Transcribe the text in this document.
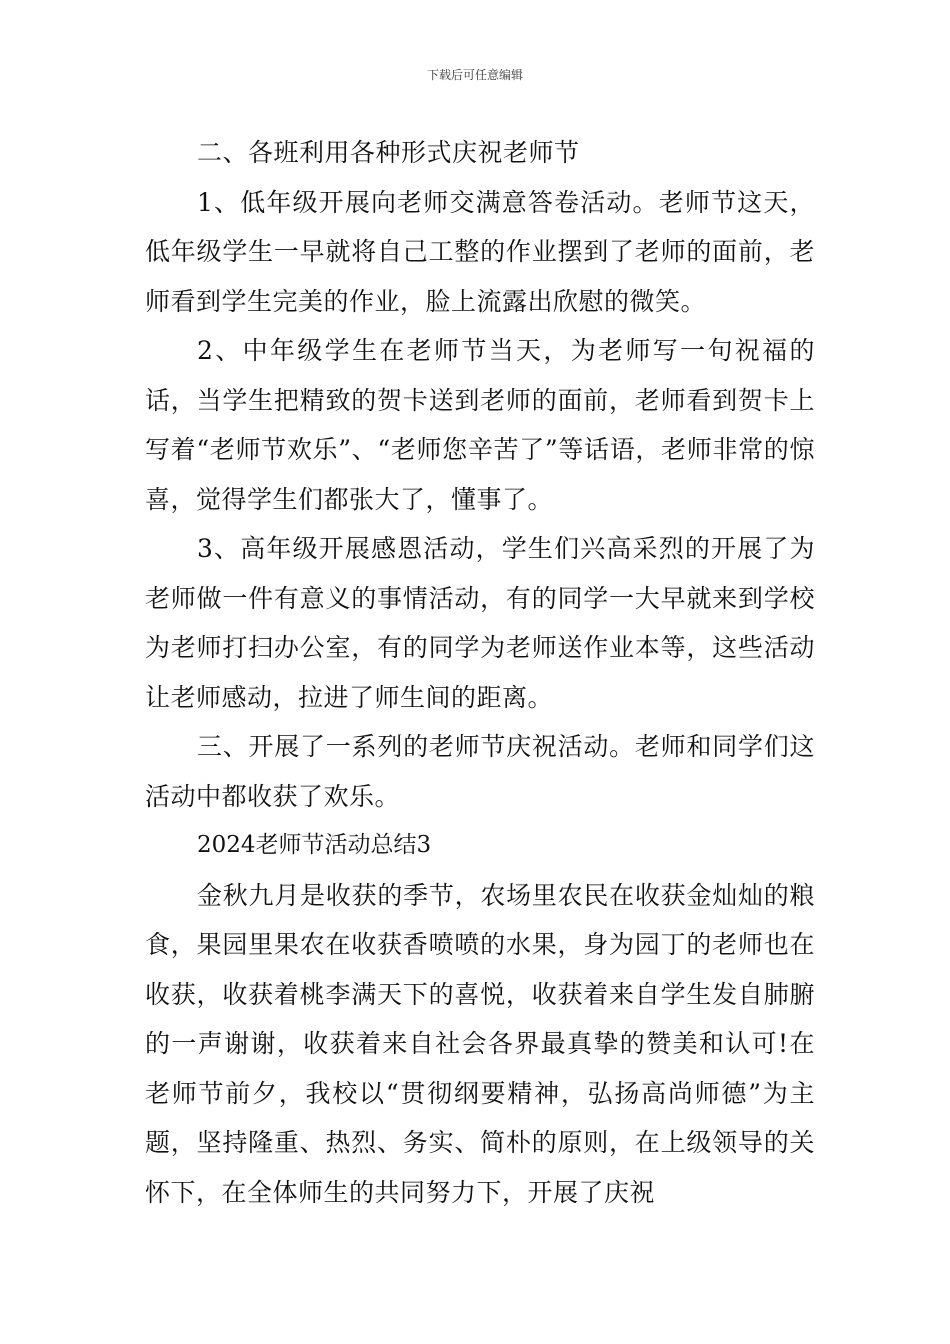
下载后可任意编辑

二、各班利用各种形式庆祝老师节

1、低年级开展向老师交满意答卷活动。老师节这天，低年级学生一早就将自己工整的作业摆到了老师的面前，老师看到学生完美的作业，脸上流露出欣慰的微笑。

2、中年级学生在老师节当天，为老师写一句祝福的话，当学生把精致的贺卡送到老师的面前，老师看到贺卡上写着“老师节欢乐”、“老师您辛苦了”等话语，老师非常的惊喜，觉得学生们都张大了，懂事了。

3、高年级开展感恩活动，学生们兴高采烈的开展了为老师做一件有意义的事情活动，有的同学一大早就来到学校为老师打扫办公室，有的同学为老师送作业本等，这些活动让老师感动，拉进了师生间的距离。

三、开展了一系列的老师节庆祝活动。老师和同学们这活动中都收获了欢乐。

2024老师节活动总结3

金秋九月是收获的季节，农场里农民在收获金灿灿的粮食，果园里果农在收获香喷喷的水果，身为园丁的老师也在收获，收获着桃李满天下的喜悦，收获着来自学生发自肺腑的一声谢谢，收获着来自社会各界最真挚的赞美和认可!在老师节前夕，我校以“贯彻纲要精神，弘扬高尚师德”为主题，坚持隆重、热烈、务实、简朴的原则，在上级领导的关怀下，在全体师生的共同努力下，开展了庆祝
